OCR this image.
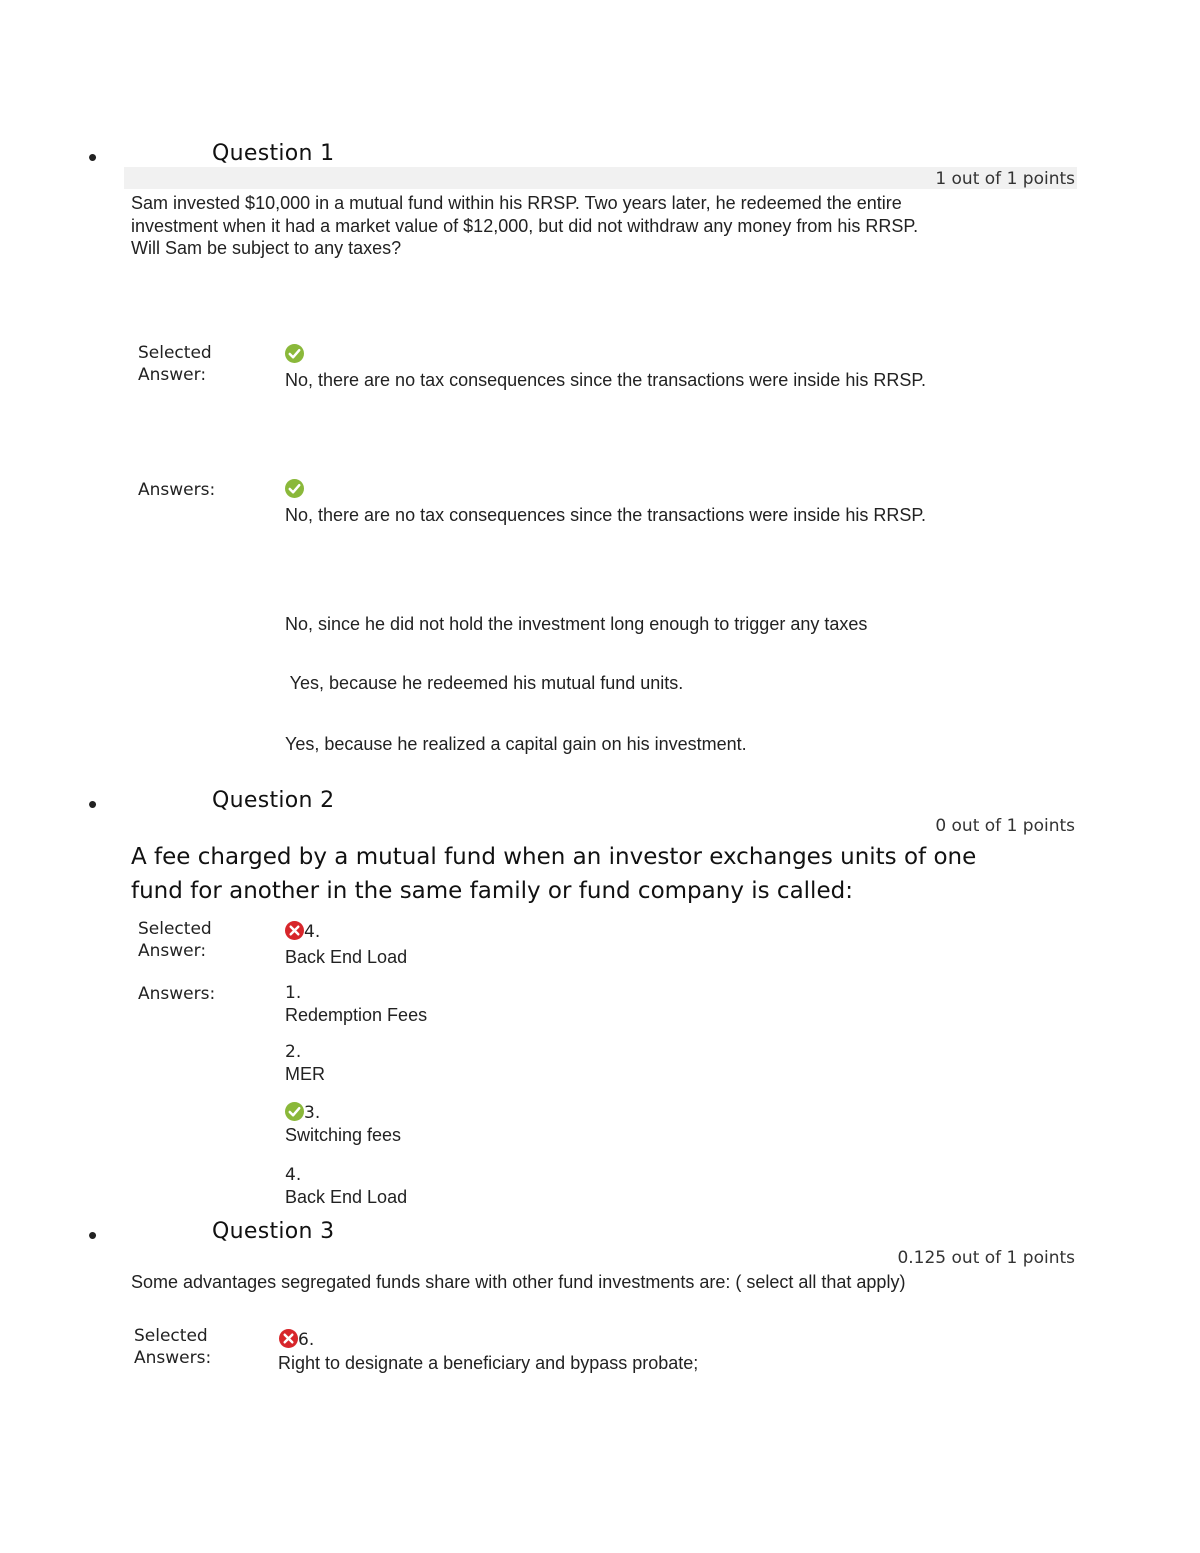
•	Question 1
1 out of 1 points
Sam invested $10,000 in a mutual fund within his RRSP. Two years later, he redeemed the entire
investment when it had a market value of $12,000, but did not withdraw any money from his RRSP.
Will Sam be subject to any taxes?
Selected Answer:	No, there are no tax consequences since the transactions were inside his RRSP.
Answers:
No, there are no tax consequences since the transactions were inside his RRSP.
No, since he did not hold the investment long enough to trigger any taxes
Yes, because he redeemed his mutual fund units.
Yes, because he realized a capital gain on his investment.
•	Question 2
0 out of 1 points
A fee charged by a mutual fund when an investor exchanges units of one fund for another in the same family or fund company is called:
Selected Answer:
4.
Back End Load
Answers:	1.
Redemption Fees
2.
MER
3.
Switching fees
4.
Back End Load
•	Question 3
0.125 out of 1 points
Some advantages segregated funds share with other fund investments are: ( select all that apply)
Selected Answers:
6.
Right to designate a beneficiary and bypass probate;
